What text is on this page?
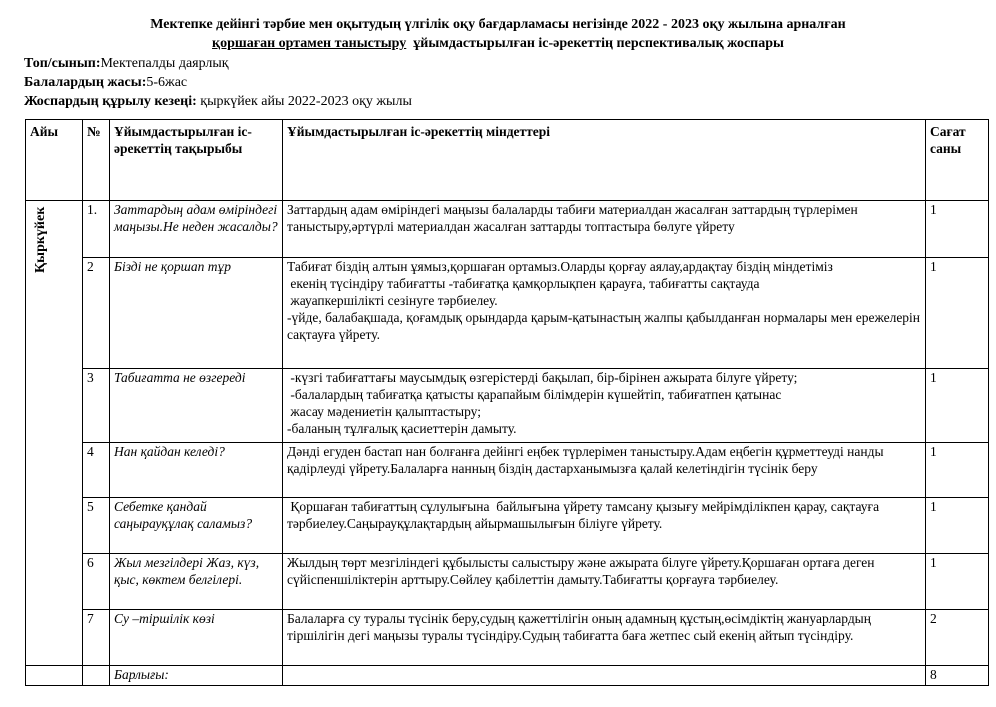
Мектепке дейінгі тәрбие мен оқытудың үлгілік оқу бағдарламасы негізінде 2022 - 2023 оқу жылына арналған
қоршаған ортамен таныстыру ұйымдастырылған іс-әрекеттің перспективалық жоспары
Топ/сынып:Мектепалды даярлық
Балалардың жасы:5-6жас
Жоспардың құрылу кезеңі: қыркүйек айы 2022-2023 оқу жылы
Айы	№	Ұйымдастырылған іс-әрекеттің тақырыбы	Ұйымдастырылған іс-әрекеттің міндеттері	Сағат саны

Қыркүйек	1.	Заттардың адам өміріндегі маңызы.Не неден жасалды?	Заттардың адам өміріндегі маңызы балаларды табиғи материалдан жасалған заттардың түрлерімен таныстыру,әртүрлі материалдан жасалған заттарды топтастыра бөлуге үйрету	1
	2	Бізді не қоршап тұр	Табиғат біздің алтын ұямыз,қоршаған ортамыз.Оларды қорғау аялау,ардақтау біздің міндетіміз
екенің түсіндіру табиғатты -табиғатқа қамқорлықпен қарауға, табиғатты сақтауда
жауапкершілікті сезінуге тәрбиелеу.
-үйде, балабақшада, қоғамдық орындарда қарым-қатынастың жалпы қабылданған нормалары мен ережелерін сақтауға үйрету.	1
	3	Табиғатта не өзгереді	-күзгі табиғаттағы маусымдық өзгерістерді бақылап, бір-бірінен ажырата білуге үйрету;
-балалардың табиғатқа қатысты қарапайым білімдерін күшейтіп, табиғатпен қатынас
жасау мәдениетін қалыптастыру;
-баланың тұлғалық қасиеттерін дамыту.	1
	4	Нан қайдан келеді?	Дәнді егуден бастап нан болғанға дейінгі еңбек түрлерімен таныстыру.Адам еңбегін құрметтеуді нанды қадірлеуді үйрету.Балаларға нанның біздің дастарханымызға қалай келетіндігін түсінік беру	1
	5	Себетке қандай саңырауқұлақ саламыз?	Қоршаған табиғаттың сұлулығына  байлығына үйрету тамсану қызығу мейрімділікпен қарау, сақтауға тәрбиелеу.Саңырауқұлақтардың айырмашылығын біліуге үйрету.	1
	6	Жыл мезгілдері Жаз, күз, қыс, көктем белгілері.	Жылдың төрт мезгіліндегі құбылысты салыстыру және ажырата білуге үйрету.Қоршаған ортаға деген сүйіспеншіліктерін арттыру.Сөйлеу қабілеттін дамыту.Табиғатты қорғауға тәрбиелеу.	1
	7	Су –тіршілік көзі	Балаларға су туралы түсінік беру,судың қажеттілігін оның адамның құстың,өсімдіктің жануарлардың тіршілігін дегі маңызы туралы түсіндіру.Судың табиғатта баға жетпес сый екенің айтып түсіндіру.	2
		Барлығы:		8
